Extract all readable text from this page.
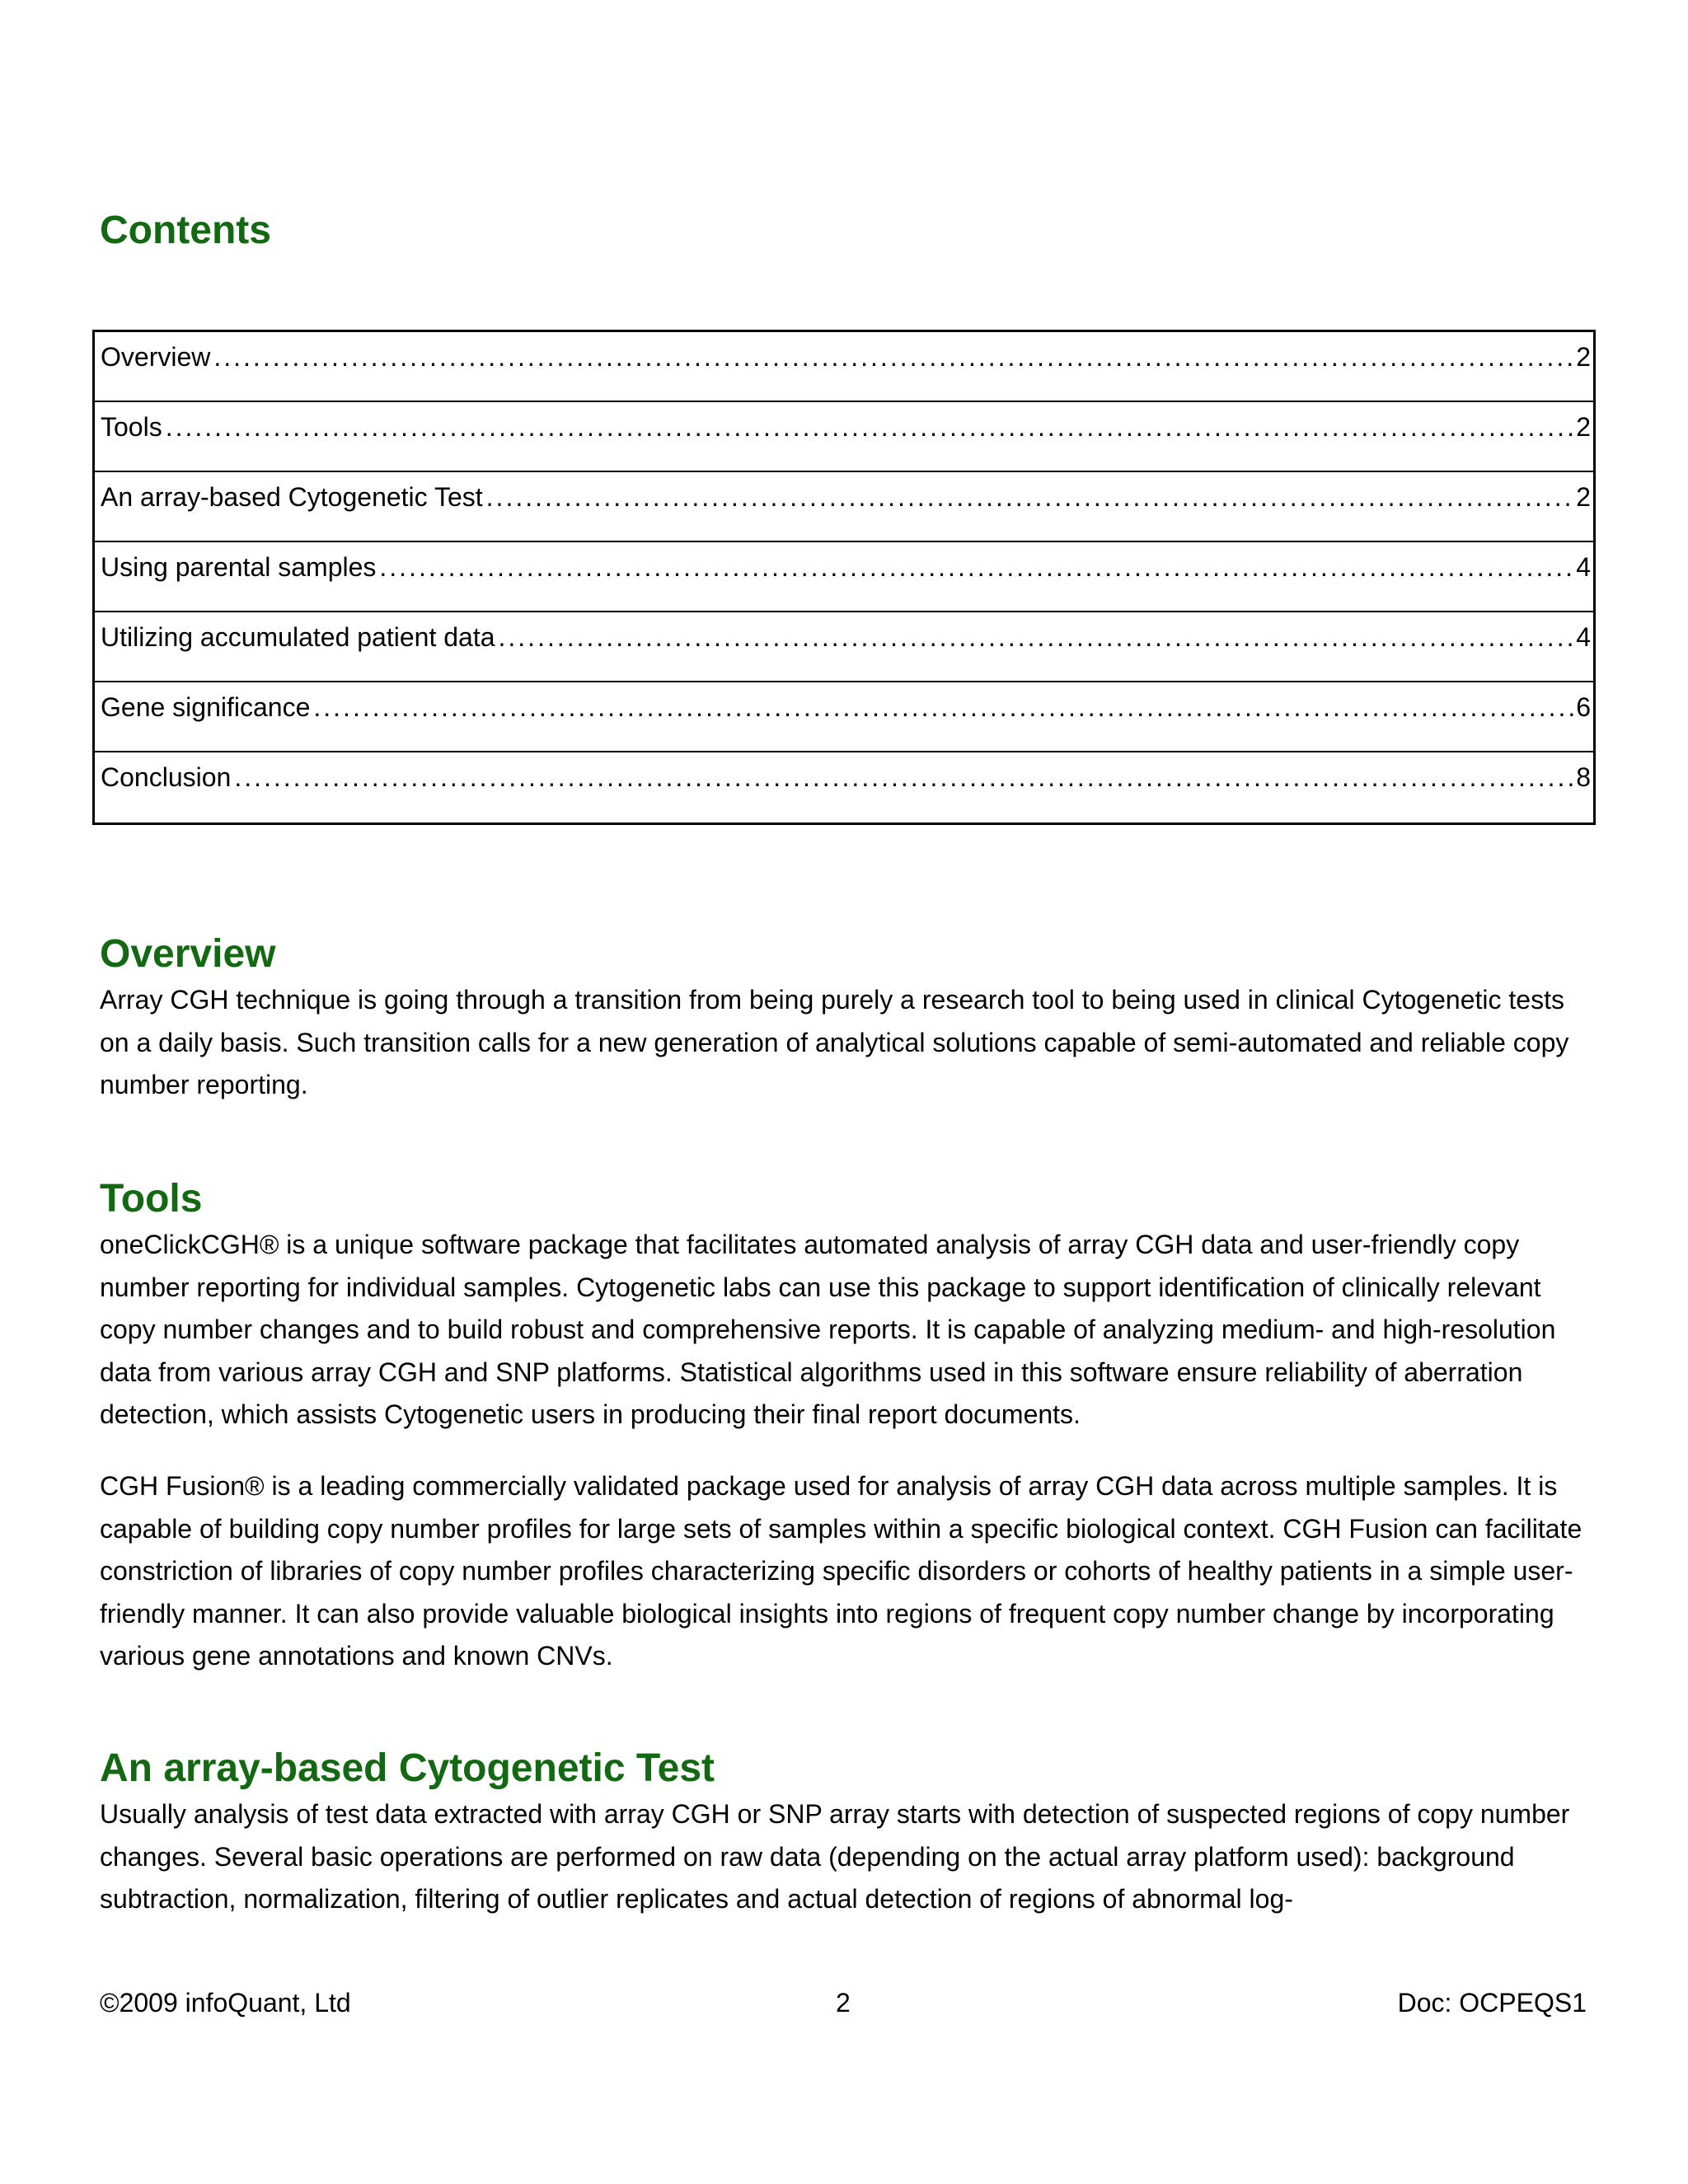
Contents
Overview .....	2
Tools .....	2
An array-based Cytogenetic Test .....	2
Using parental samples .....	4
Utilizing accumulated patient data .....	4
Gene significance .....	6
Conclusion .....	8
Overview

Array CGH technique is going through a transition from being purely a research tool to being used in clinical Cytogenetic tests on a daily basis. Such transition calls for a new generation of analytical solutions capable of semi-automated and reliable copy number reporting.

Tools

oneClickCGH® is a unique software package that facilitates automated analysis of array CGH data and user-friendly copy number reporting for individual samples. Cytogenetic labs can use this package to support identification of clinically relevant copy number changes and to build robust and comprehensive reports. It is capable of analyzing medium- and high-resolution data from various array CGH and SNP platforms. Statistical algorithms used in this software ensure reliability of aberration detection, which assists Cytogenetic users in producing their final report documents.

CGH Fusion® is a leading commercially validated package used for analysis of array CGH data across multiple samples. It is capable of building copy number profiles for large sets of samples within a specific biological context. CGH Fusion can facilitate constriction of libraries of copy number profiles characterizing specific disorders or cohorts of healthy patients in a simple user-friendly manner. It can also provide valuable biological insights into regions of frequent copy number change by incorporating various gene annotations and known CNVs.

An array-based Cytogenetic Test

Usually analysis of test data extracted with array CGH or SNP array starts with detection of suspected regions of copy number changes. Several basic operations are performed on raw data (depending on the actual array platform used): background subtraction, normalization, filtering of outlier replicates and actual detection of regions of abnormal log-

©2009 infoQuant, Ltd	2	Doc: OCPEQS1
